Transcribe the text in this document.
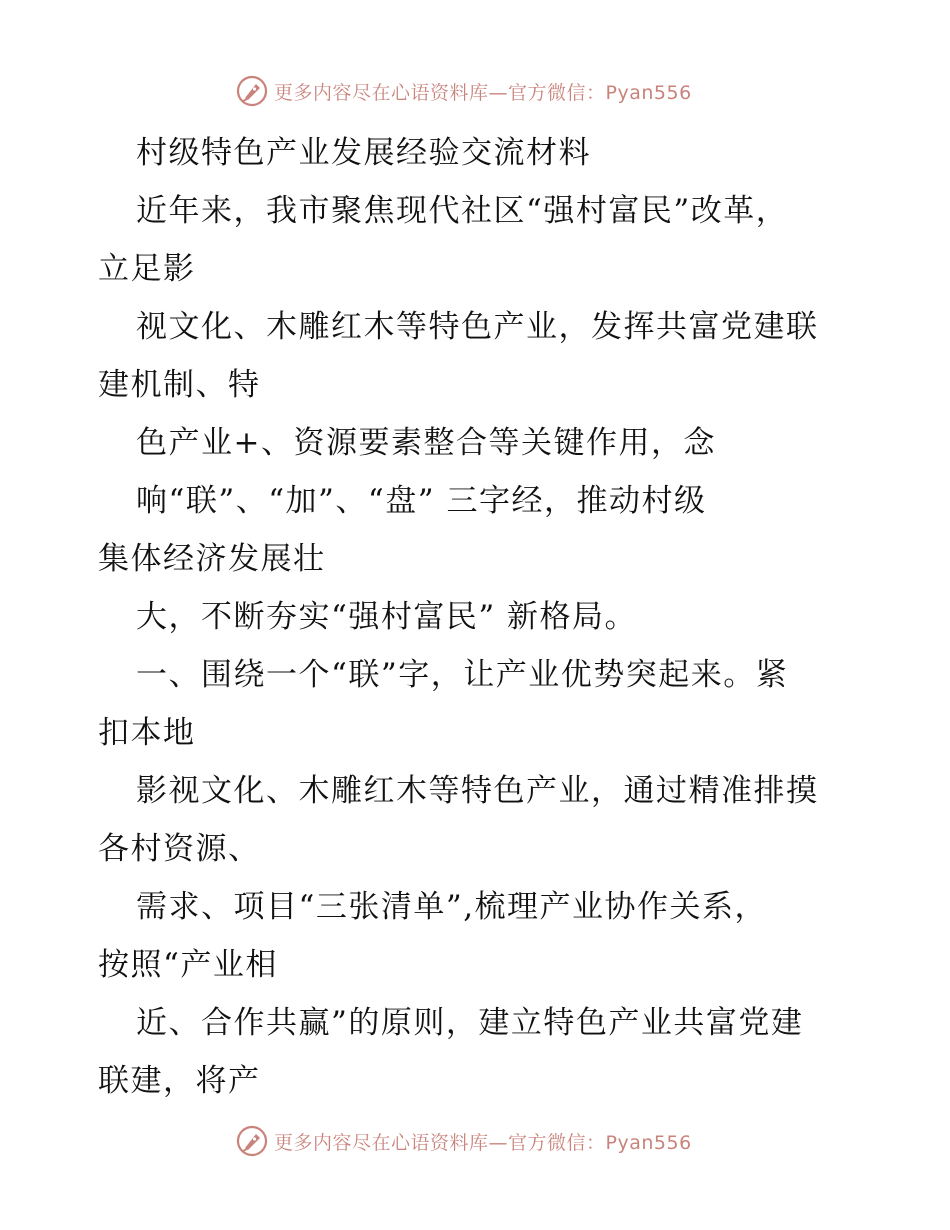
更多内容尽在心语资料库—官方微信：Pyan556
村级特色产业发展经验交流材料
近年来，我市聚焦现代社区“强村富民”改革，
立足影
视文化、木雕红木等特色产业，发挥共富党建联
建机制、特
色产业+、资源要素整合等关键作用，念
响“联”、“加”、“盘” 三字经，推动村级
集体经济发展壮
大，不断夯实“强村富民” 新格局。
一、围绕一个“联”字，让产业优势突起来。紧
扣本地
影视文化、木雕红木等特色产业，通过精准排摸
各村资源、
需求、项目“三张清单”,梳理产业协作关系，
按照“产业相
近、合作共赢”的原则，建立特色产业共富党建
联建，将产
更多内容尽在心语资料库—官方微信：Pyan556
